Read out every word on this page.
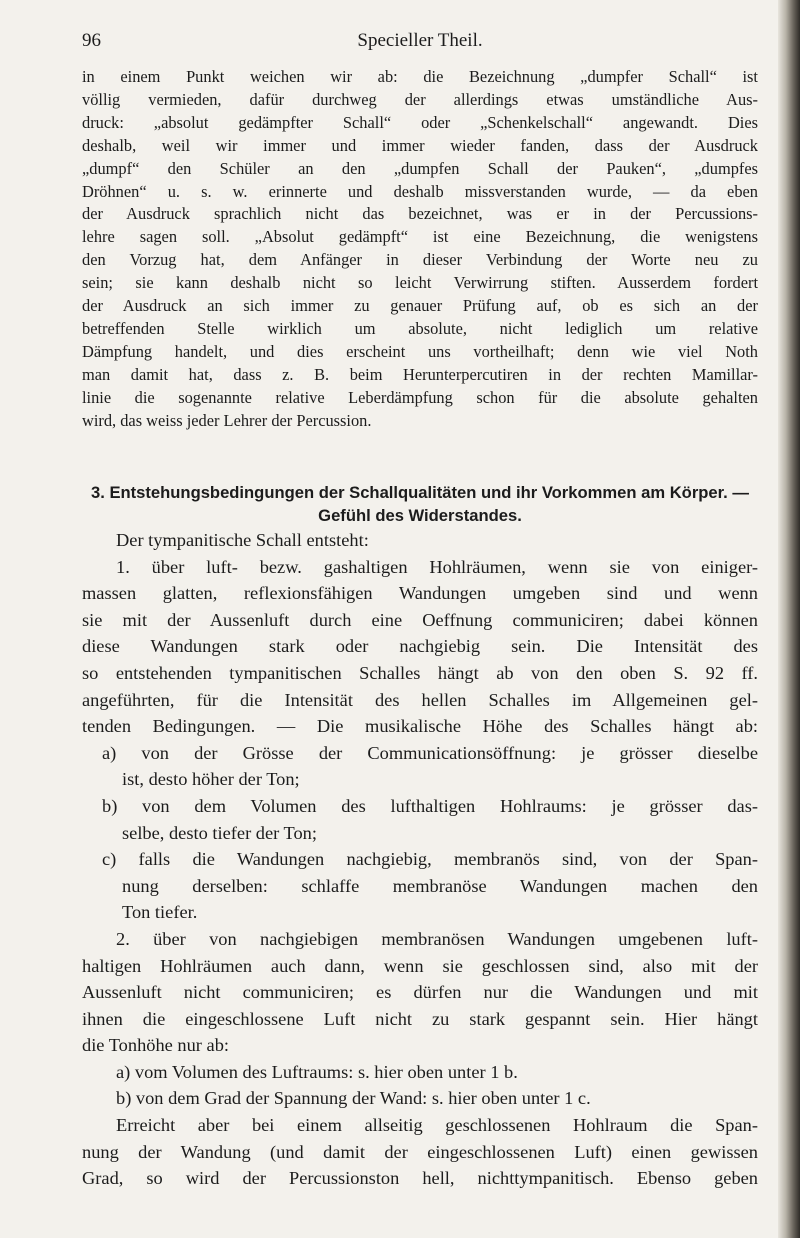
96	Specieller Theil.

in einem Punkt weichen wir ab: die Bezeichnung „dumpfer Schall“ ist
völlig vermieden, dafür durchweg der allerdings etwas umständliche Aus-
druck: „absolut gedämpfter Schall“ oder „Schenkelschall“ angewandt. Dies
deshalb, weil wir immer und immer wieder fanden, dass der Ausdruck
„dumpf“ den Schüler an den „dumpfen Schall der Pauken“, „dumpfes
Dröhnen“ u. s. w. erinnerte und deshalb missverstanden wurde, — da eben
der Ausdruck sprachlich nicht das bezeichnet, was er in der Percussions-
lehre sagen soll. „Absolut gedämpft“ ist eine Bezeichnung, die wenigstens
den Vorzug hat, dem Anfänger in dieser Verbindung der Worte neu zu
sein; sie kann deshalb nicht so leicht Verwirrung stiften. Ausserdem fordert
der Ausdruck an sich immer zu genauer Prüfung auf, ob es sich an der
betreffenden Stelle wirklich um absolute, nicht lediglich um relative
Dämpfung handelt, und dies erscheint uns vortheilhaft; denn wie viel Noth
man damit hat, dass z. B. beim Herunterpercutiren in der rechten Mamillar-
linie die sogenannte relative Leberdämpfung schon für die absolute gehalten
wird, das weiss jeder Lehrer der Percussion.

3. Entstehungsbedingungen der Schallqualitäten und ihr Vorkommen am Körper. —
Gefühl des Widerstandes.
Der tympanitische Schall entsteht:
1. über luft- bezw. gashaltigen Hohlräumen, wenn sie von einiger-
massen glatten, reflexionsfähigen Wandungen umgeben sind und wenn
sie mit der Aussenluft durch eine Oeffnung communiciren; dabei können
diese Wandungen stark oder nachgiebig sein. Die Intensität des
so entstehenden tympanitischen Schalles hängt ab von den oben S. 92 ff.
angeführten, für die Intensität des hellen Schalles im Allgemeinen gel-
tenden Bedingungen. — Die musikalische Höhe des Schalles hängt ab:
a) von der Grösse der Communicationsöffnung: je grösser dieselbe
ist, desto höher der Ton;
b) von dem Volumen des lufthaltigen Hohlraums: je grösser das-
selbe, desto tiefer der Ton;
c) falls die Wandungen nachgiebig, membranös sind, von der Span-
nung derselben: schlaffe membranöse Wandungen machen den
Ton tiefer.
2. über von nachgiebigen membranösen Wandungen umgebenen luft-
haltigen Hohlräumen auch dann, wenn sie geschlossen sind, also mit der
Aussenluft nicht communiciren; es dürfen nur die Wandungen und mit
ihnen die eingeschlossene Luft nicht zu stark gespannt sein. Hier hängt
die Tonhöhe nur ab:
a) vom Volumen des Luftraums: s. hier oben unter 1 b.
b) von dem Grad der Spannung der Wand: s. hier oben unter 1 c.
Erreicht aber bei einem allseitig geschlossenen Hohlraum die Span-
nung der Wandung (und damit der eingeschlossenen Luft) einen gewissen
Grad, so wird der Percussionston hell, nichttympanitisch. Ebenso geben
